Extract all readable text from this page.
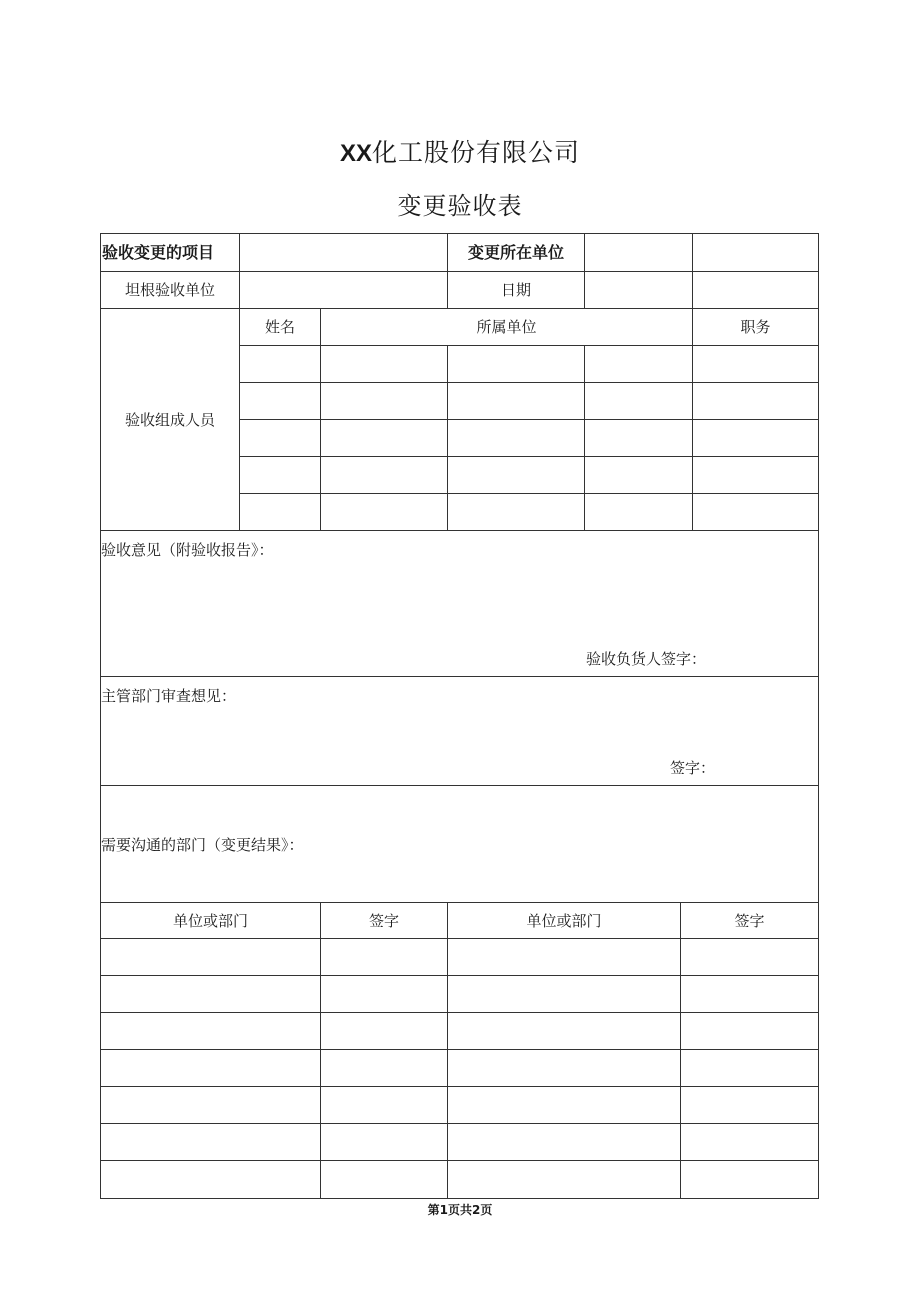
XX化工股份有限公司
变更验收表
验收变更的项目	变更所在单位
坦根验收单位	日期
验收组成人员
姓名	所属单位	职务
验收意见（附验收报告》：
验收负货人签字：
主管部门审查想见：
签字：
需要沟通的部门（变更结果》：
单位或部门	签字	单位或部门	签字
第1页共2页
